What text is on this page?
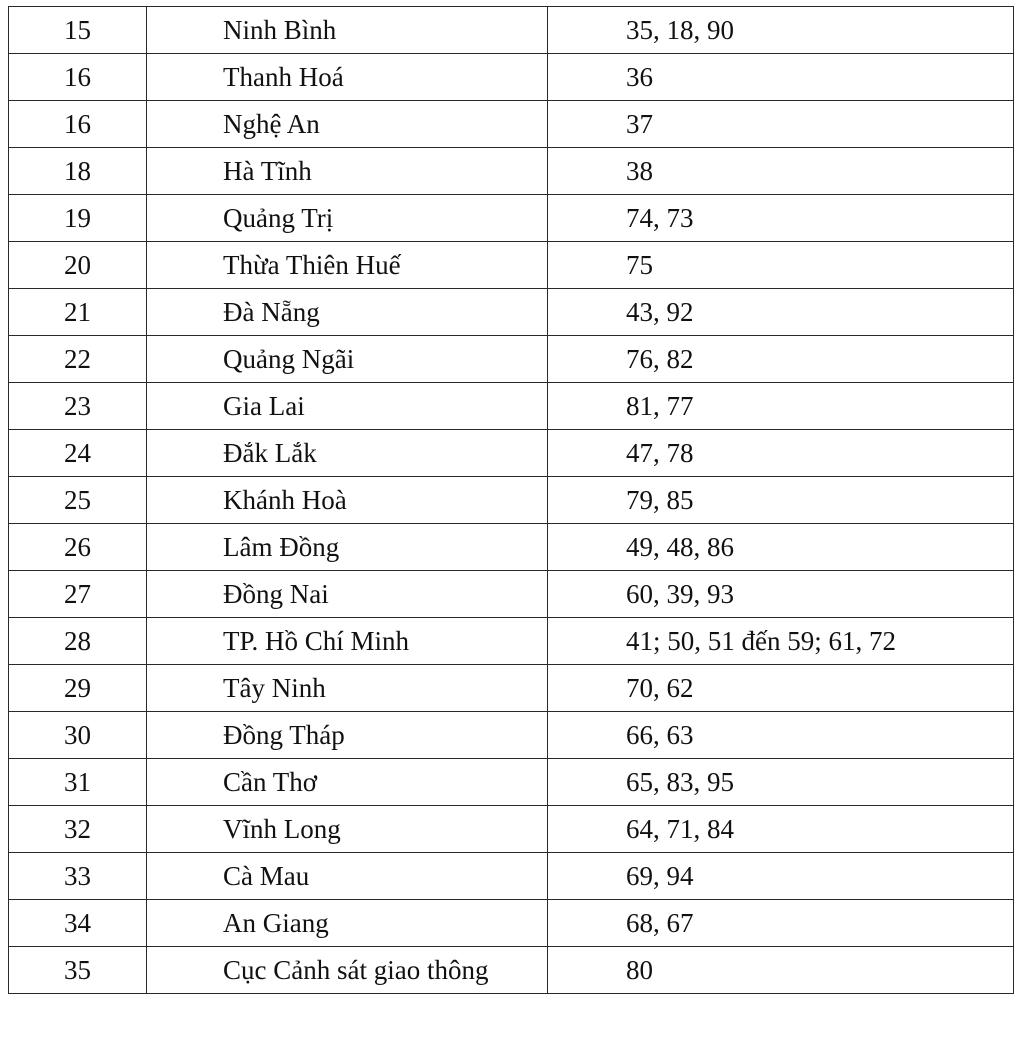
15	Ninh Bình	35, 18, 90
16	Thanh Hoá	36
16	Nghệ An	37
18	Hà Tĩnh	38
19	Quảng Trị	74, 73
20	Thừa Thiên Huế	75
21	Đà Nẵng	43, 92
22	Quảng Ngãi	76, 82
23	Gia Lai	81, 77
24	Đắk Lắk	47, 78
25	Khánh Hoà	79, 85
26	Lâm Đồng	49, 48, 86
27	Đồng Nai	60, 39, 93
28	TP. Hồ Chí Minh	41; 50, 51 đến 59; 61, 72
29	Tây Ninh	70, 62
30	Đồng Tháp	66, 63
31	Cần Thơ	65, 83, 95
32	Vĩnh Long	64, 71, 84
33	Cà Mau	69, 94
34	An Giang	68, 67
35	Cục Cảnh sát giao thông	80
